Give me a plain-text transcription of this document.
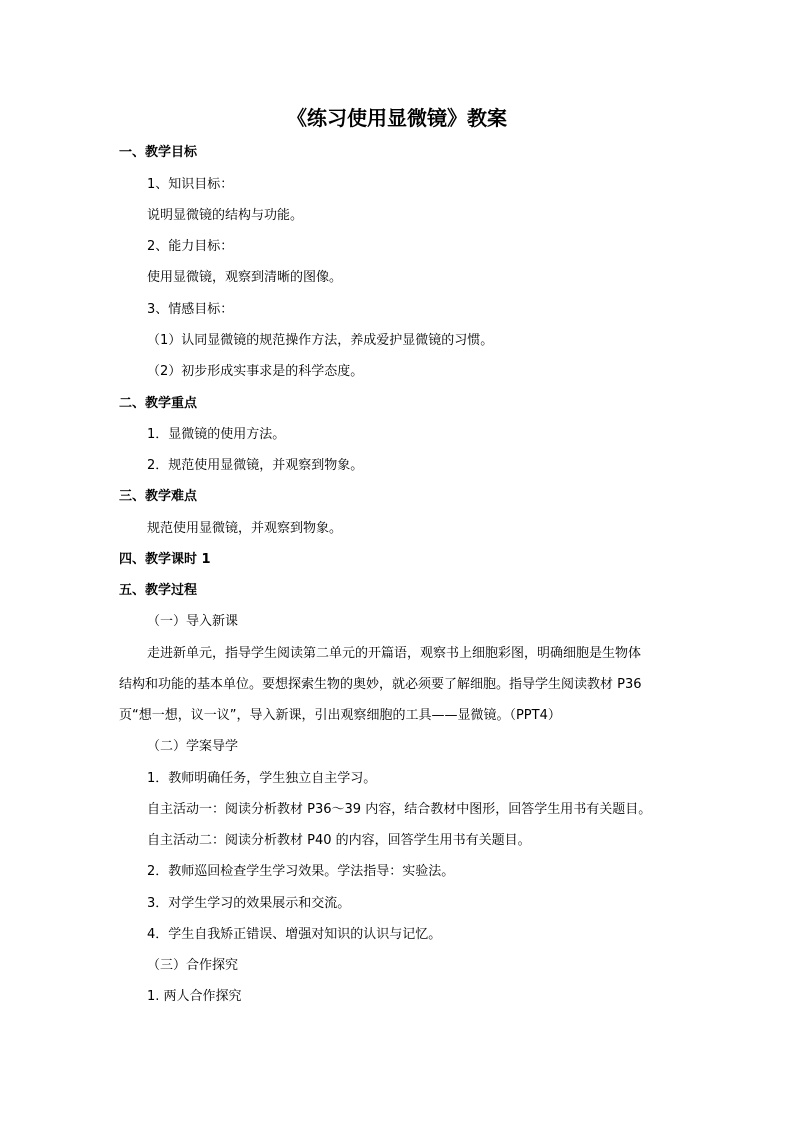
《练习使用显微镜》教案
一、教学目标
1、知识目标：
说明显微镜的结构与功能。
2、能力目标：
使用显微镜，观察到清晰的图像。
3、情感目标：
（1）认同显微镜的规范操作方法，养成爱护显微镜的习惯。
（2）初步形成实事求是的科学态度。
二、教学重点
1．显微镜的使用方法。
2．规范使用显微镜，并观察到物象。
三、教学难点
规范使用显微镜，并观察到物象。
四、教学课时 1
五、教学过程
（一）导入新课
走进新单元，指导学生阅读第二单元的开篇语，观察书上细胞彩图，明确细胞是生物体
结构和功能的基本单位。要想探索生物的奥妙，就必须要了解细胞。指导学生阅读教材 P36
页“想一想，议一议”，导入新课，引出观察细胞的工具——显微镜。（PPT4）
（二）学案导学
1．教师明确任务，学生独立自主学习。
自主活动一：阅读分析教材 P36～39 内容，结合教材中图形，回答学生用书有关题目。
自主活动二：阅读分析教材 P40 的内容，回答学生用书有关题目。
2．教师巡回检查学生学习效果。学法指导：实验法。
3．对学生学习的效果展示和交流。
4．学生自我矫正错误、增强对知识的认识与记忆。
（三）合作探究
1. 两人合作探究
